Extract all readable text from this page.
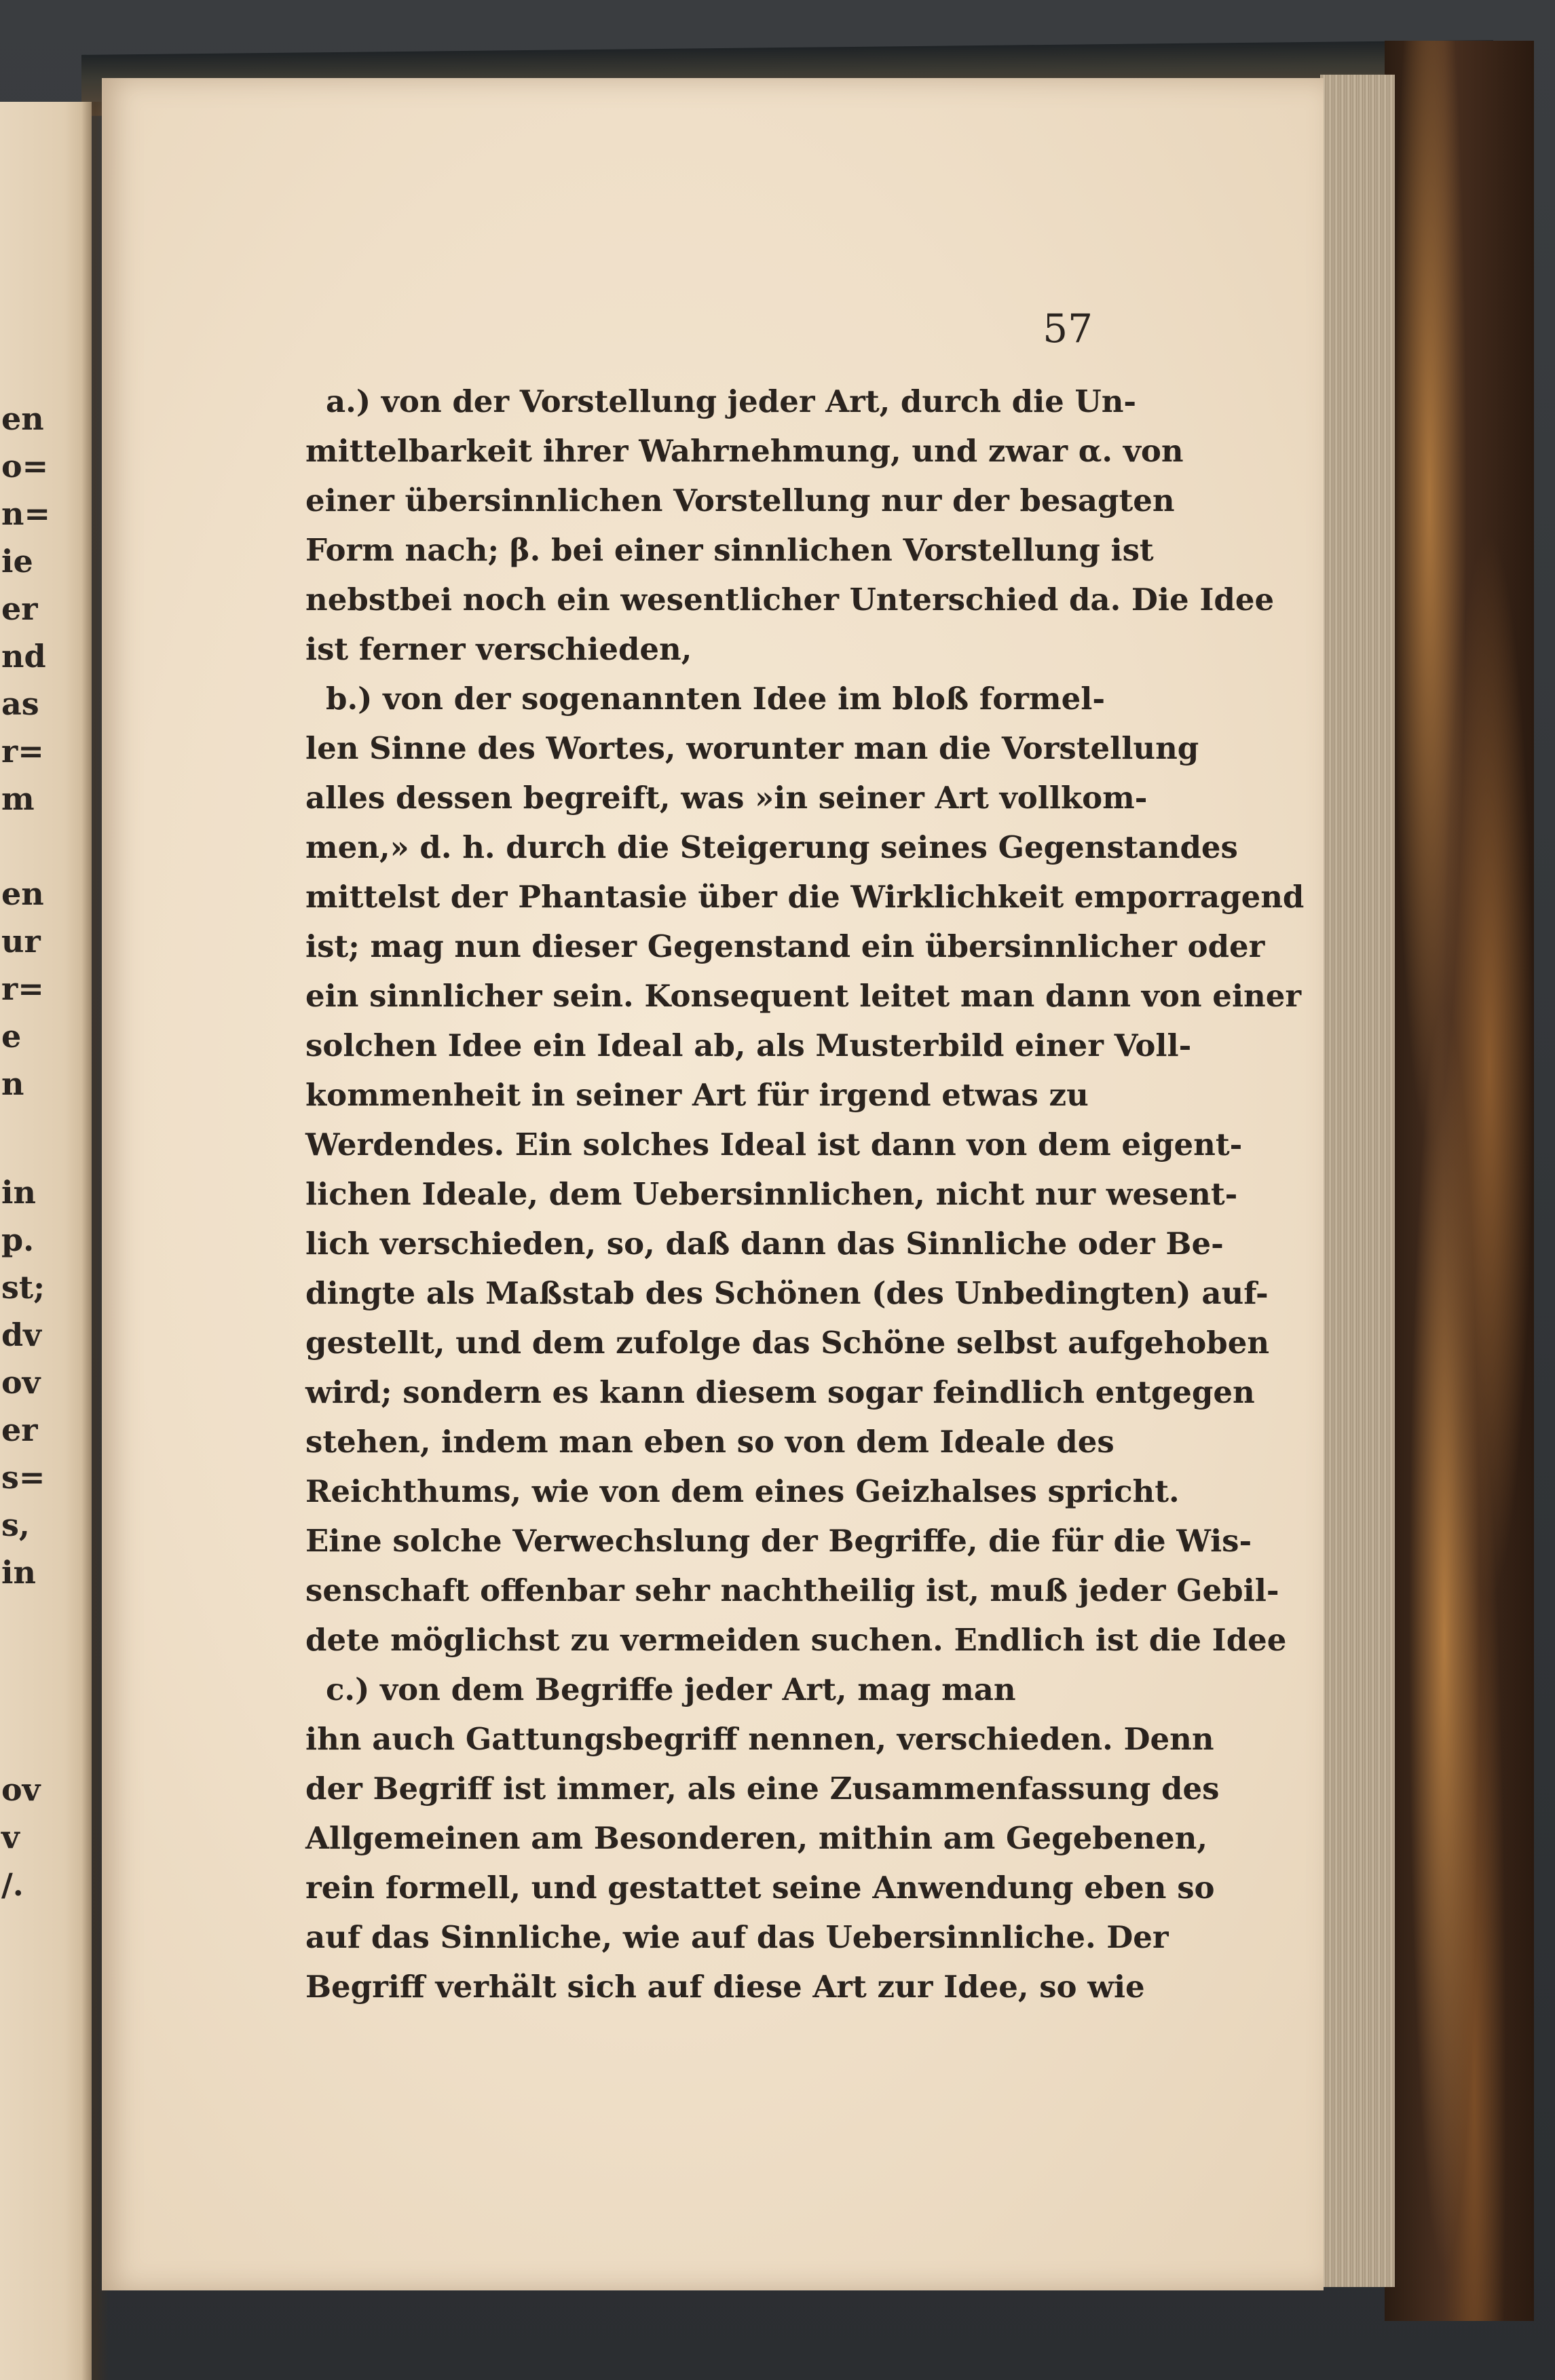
en
o=
n=
ie
er
nd
as
r=
m
en
ur
r=
e
n
in
p.
st;
dv
ov
er
s=
s,
in
ov
v
/.
57
a.) von der Vorstellung jeder Art, durch die Un-
mittelbarkeit ihrer Wahrnehmung, und zwar α. von
einer übersinnlichen Vorstellung nur der besagten
Form nach; β. bei einer sinnlichen Vorstellung ist
nebstbei noch ein wesentlicher Unterschied da. Die Idee
ist ferner verschieden,
b.) von der sogenannten Idee im bloß formel-
len Sinne des Wortes, worunter man die Vorstellung
alles dessen begreift, was »in seiner Art vollkom-
men,» d. h. durch die Steigerung seines Gegenstandes
mittelst der Phantasie über die Wirklichkeit emporragend
ist; mag nun dieser Gegenstand ein übersinnlicher oder
ein sinnlicher sein. Konsequent leitet man dann von einer
solchen Idee ein Ideal ab, als Musterbild einer Voll-
kommenheit in seiner Art für irgend etwas zu
Werdendes. Ein solches Ideal ist dann von dem eigent-
lichen Ideale, dem Uebersinnlichen, nicht nur wesent-
lich verschieden, so, daß dann das Sinnliche oder Be-
dingte als Maßstab des Schönen (des Unbedingten) auf-
gestellt, und dem zufolge das Schöne selbst aufgehoben
wird; sondern es kann diesem sogar feindlich entgegen
stehen, indem man eben so von dem Ideale des
Reichthums, wie von dem eines Geizhalses spricht.
Eine solche Verwechslung der Begriffe, die für die Wis-
senschaft offenbar sehr nachtheilig ist, muß jeder Gebil-
dete möglichst zu vermeiden suchen. Endlich ist die Idee
c.) von dem Begriffe jeder Art, mag man
ihn auch Gattungsbegriff nennen, verschieden. Denn
der Begriff ist immer, als eine Zusammenfassung des
Allgemeinen am Besonderen, mithin am Gegebenen,
rein formell, und gestattet seine Anwendung eben so
auf das Sinnliche, wie auf das Uebersinnliche. Der
Begriff verhält sich auf diese Art zur Idee, so wie
